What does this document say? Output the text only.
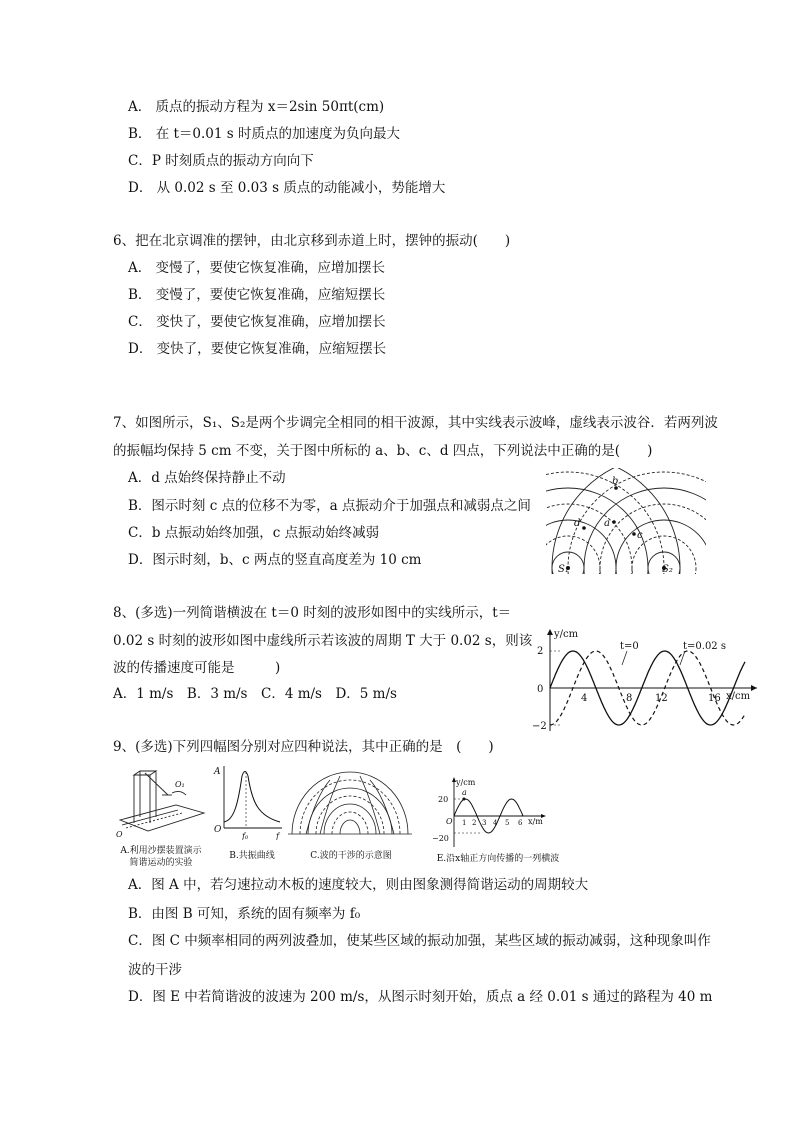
A． 质点的振动方程为 x＝2sin 50πt(cm)
B． 在 t＝0.01 s 时质点的加速度为负向最大
C．P 时刻质点的振动方向向下
D． 从 0.02 s 至 0.03 s 质点的动能减小，势能增大
6、把在北京调准的摆钟，由北京移到赤道上时，摆钟的振动(　　)
A． 变慢了，要使它恢复准确，应增加摆长
B． 变慢了，要使它恢复准确，应缩短摆长
C． 变快了，要使它恢复准确，应增加摆长
D． 变快了，要使它恢复准确，应缩短摆长
7、如图所示，S₁、S₂是两个步调完全相同的相干波源，其中实线表示波峰，虚线表示波谷．若两列波
的振幅均保持 5 cm 不变，关于图中所标的 a、b、c、d 四点，下列说法中正确的是(　　)
A．d 点始终保持静止不动
B．图示时刻 c 点的位移不为零，a 点振动介于加强点和减弱点之间
C．b 点振动始终加强，c 点振动始终减弱
D．图示时刻，b、c 两点的竖直高度差为 10 cm
b
a
c
d
S₁	S₂
8、(多选)一列简谐横波在 t＝0 时刻的波形如图中的实线所示，t＝
0.02 s 时刻的波形如图中虚线所示若该波的周期 T 大于 0.02 s，则该
波的传播速度可能是　　　)
A．1 m/s　B．3 m/s　C．4 m/s　D．5 m/s
y/cm
x/cm
2
0
−2
4	8 12	16
t=0	t=0.02 s
9、(多选)下列四幅图分别对应四种说法，其中正确的是　(　　)
O₁
O
A.利用沙摆装置演示
简谐运动的实验
A
O
f₀	f
B.共振曲线	C.波的干涉的示意图
y/cm
x/m
20
−20
O
a
1 2 3 4 5 6
E.沿x轴正方向传播的一列横波
A．图 A 中，若匀速拉动木板的速度较大，则由图象测得简谐运动的周期较大
B．由图 B 可知，系统的固有频率为 f₀
C．图 C 中频率相同的两列波叠加，使某些区域的振动加强，某些区域的振动减弱，这种现象叫作
波的干涉
D．图 E 中若简谐波的波速为 200 m/s，从图示时刻开始，质点 a 经 0.01 s 通过的路程为 40 m
